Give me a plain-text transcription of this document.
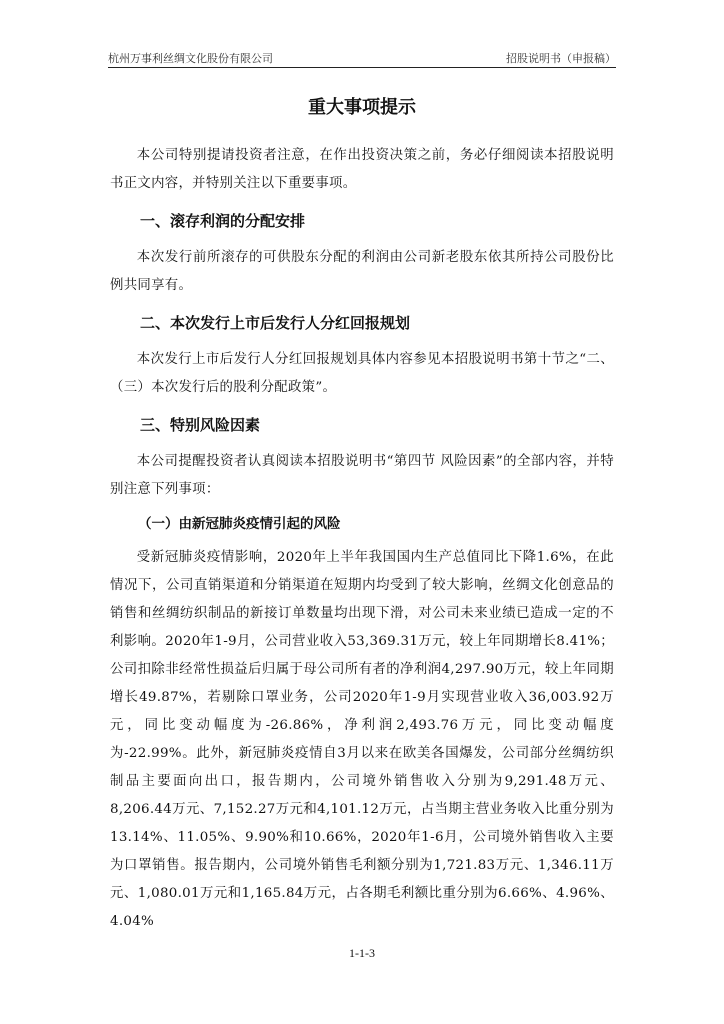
杭州万事利丝绸文化股份有限公司	招股说明书（申报稿）
重大事项提示

本公司特别提请投资者注意，在作出投资决策之前，务必仔细阅读本招股说明书正文内容，并特别关注以下重要事项。

一、滚存利润的分配安排

本次发行前所滚存的可供股东分配的利润由公司新老股东依其所持公司股份比例共同享有。

二、本次发行上市后发行人分红回报规划

本次发行上市后发行人分红回报规划具体内容参见本招股说明书第十节之“二、（三）本次发行后的股利分配政策”。

三、特别风险因素

本公司提醒投资者认真阅读本招股说明书“第四节 风险因素”的全部内容，并特别注意下列事项：

（一）由新冠肺炎疫情引起的风险

受新冠肺炎疫情影响，2020年上半年我国国内生产总值同比下降1.6%，在此情况下，公司直销渠道和分销渠道在短期内均受到了较大影响，丝绸文化创意品的销售和丝绸纺织制品的新接订单数量均出现下滑，对公司未来业绩已造成一定的不利影响。2020年1-9月，公司营业收入53,369.31万元，较上年同期增长8.41%；公司扣除非经常性损益后归属于母公司所有者的净利润4,297.90万元，较上年同期增长49.87%，若剔除口罩业务，公司2020年1-9月实现营业收入36,003.92万元，同比变动幅度为-26.86%，净利润2,493.76万元，同比变动幅度为-22.99%。此外，新冠肺炎疫情自3月以来在欧美各国爆发，公司部分丝绸纺织制品主要面向出口，报告期内，公司境外销售收入分别为9,291.48万元、8,206.44万元、7,152.27万元和4,101.12万元，占当期主营业务收入比重分别为13.14%、11.05%、9.90%和10.66%，2020年1-6月，公司境外销售收入主要为口罩销售。报告期内，公司境外销售毛利额分别为1,721.83万元、1,346.11万元、1,080.01万元和1,165.84万元，占各期毛利额比重分别为6.66%、4.96%、4.04%

1-1-3
